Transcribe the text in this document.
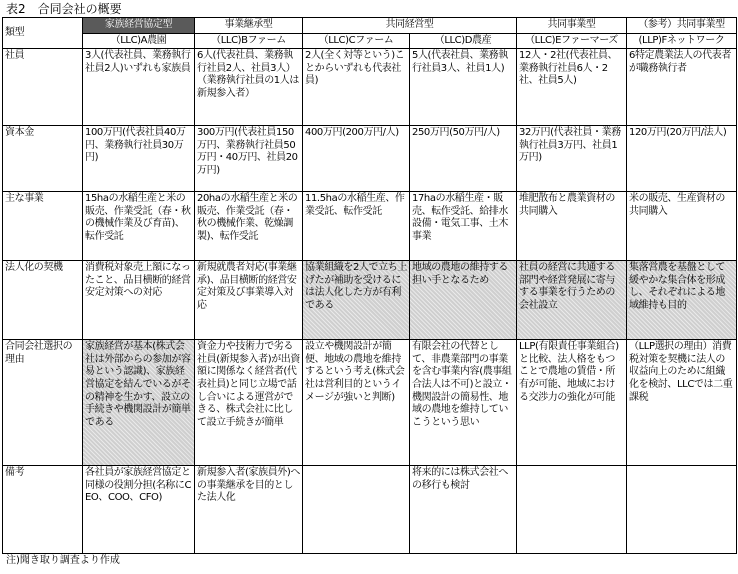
表2　合同会社の概要
類型	家族経営協定型	事業継承型	共同経営型		共同事業型	（参考）共同事業型
	（LLC)A農園	（LLC)Bファーム	（LLC)Cファーム	（LLC)D農産	（LLC)Eファーマーズ	(LLP)Fネットワーク
社員	3人(代表社員、業務執行社員2人)いずれも家族員	6人(代表社員、業務執行社員2人、社員3人）（業務執行社員の1人は新規参入者）	2人(全く対等という)ことからいずれも代表社員)	5人(代表社員、業務執行社員3人、社員1人)	12人・2社(代表社員、業務執行社員6人・2社、社員5人)	6特定農業法人の代表者が職務執行者
資本金	100万円(代表社員40万円、業務執行社員30万円)	300万円(代表社員150万円、業務執行社員50万円・40万円、社員20万円)	400万円(200万円/人)	250万円(50万円/人)	32万円(代表社員・業務執行社員3万円、社員1万円)	120万円(20万円/法人)
主な事業	15haの水稲生産と米の販売、作業受託（春・秋の機械作業及び育苗)、転作受託	20haの水稲生産と米の販売、作業受託（春・秋の機械作業、乾燥調製)、転作受託	11.5haの水稲生産、作業受託、転作受託	17haの水稲生産・販売、転作受託、給排水設備・電気工事、土木事業	堆肥散布と農業資材の共同購入	米の販売、生産資材の共同購入
法人化の契機	消費税対象売上額になったこと、品目横断的経営安定対策への対応	新規就農者対応(事業継承)、品目横断的経営安定対策及び事業導入対応	協業組織を2人で立ち上げたが補助を受けるには法人化した方が有利である	地域の農地の維持する担い手となるため	社員の経営に共通する部門や経営発展に寄与する事業を行うための会社設立	集落営農を基盤として緩やかな集合体を形成し、それぞれによる地域維持も目的
合同会社選択の理由	家族経営が基本(株式会社は外部からの参加が容易という認識)、家族経営協定を結んでいるがその精神を生かす、設立の手続きや機関設計が簡単である	資金力や技術力で劣る社員(新規参入者)が出資額に関係なく経営者(代表社員)と同じ立場で話し合いによる運営ができる、株式会社に比して設立手続きが簡単	設立や機関設計が簡便、地域の農地を維持するという考え(株式会社は営利目的というイメージが強いと判断)	有限会社の代替として、非農業部門の事業を含む事業内容(農事組合法人は不可)と設立・機関設計の簡易性、地域の農地を維持していこうという思い	LLP(有限責任事業組合)と比較、法人格をもつことで農地の賃借・所有が可能、地域における交渉力の強化が可能	（LLP選択の理由）消費税対策を契機に法人の収益向上のために組織化を検討、LLCでは二重課税
備考	各社員が家族経営協定と同様の役割分担(名称にCEO、COO、CFO)	新規参入者(家族員外)への事業継承を目的とした法人化		将来的には株式会社への移行も検討		
注)聞き取り調査より作成
